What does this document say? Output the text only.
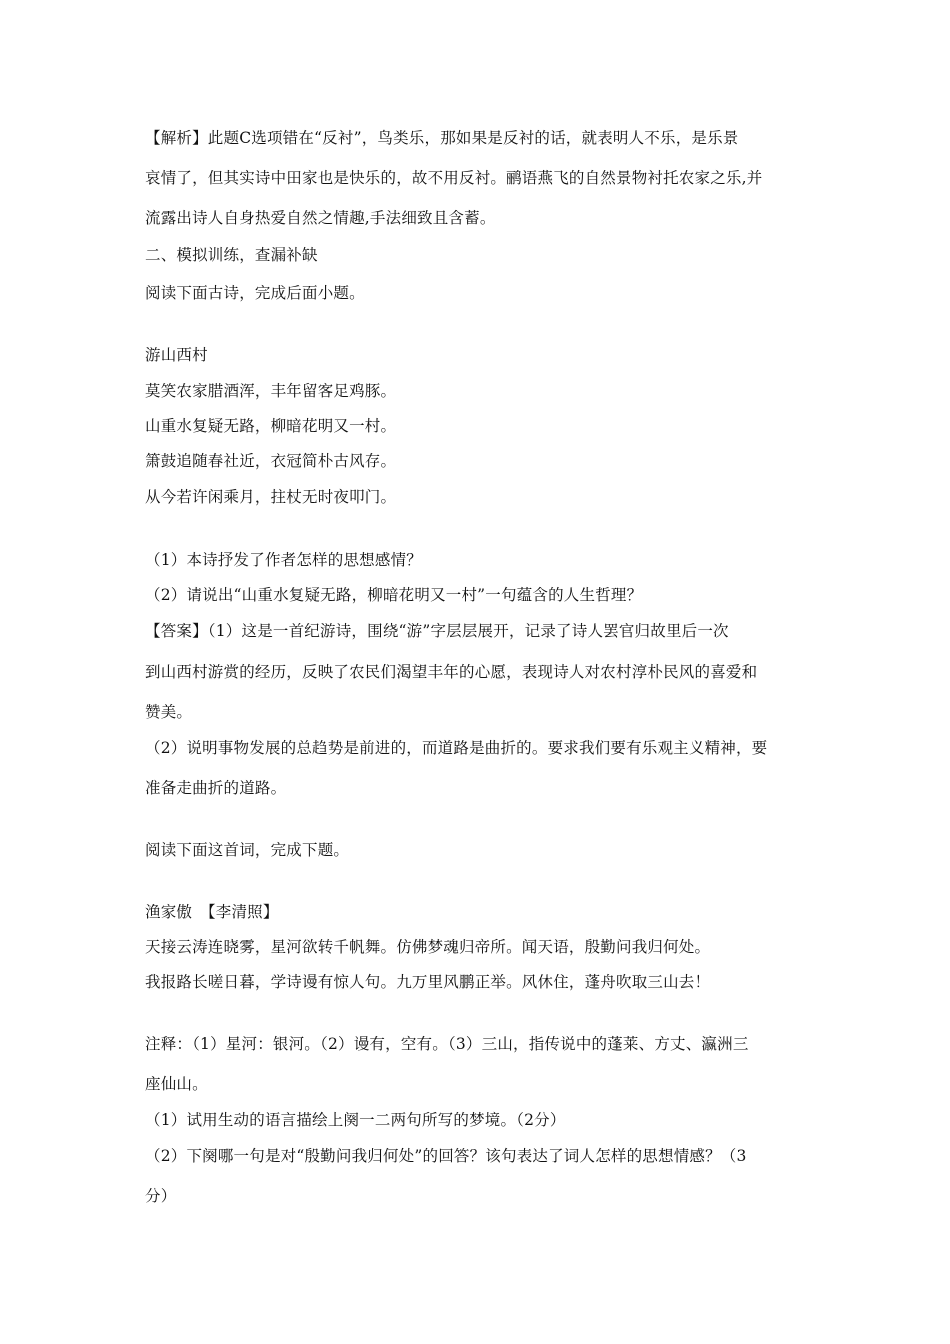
【解析】此题C选项错在“反衬”，鸟类乐，那如果是反衬的话，就表明人不乐，是乐景
哀情了，但其实诗中田家也是快乐的，故不用反衬。鹂语燕飞的自然景物衬托农家之乐,并
流露出诗人自身热爱自然之情趣,手法细致且含蓄。
二、模拟训练，查漏补缺
阅读下面古诗，完成后面小题。
游山西村
莫笑农家腊酒浑，丰年留客足鸡豚。
山重水复疑无路，柳暗花明又一村。
箫鼓追随春社近，衣冠简朴古风存。
从今若许闲乘月，拄杖无时夜叩门。
（1）本诗抒发了作者怎样的思想感情？
（2）请说出“山重水复疑无路，柳暗花明又一村”一句蕴含的人生哲理？
【答案】（1）这是一首纪游诗，围绕“游”字层层展开，记录了诗人罢官归故里后一次
到山西村游赏的经历，反映了农民们渴望丰年的心愿，表现诗人对农村淳朴民风的喜爱和
赞美。
（2）说明事物发展的总趋势是前进的，而道路是曲折的。要求我们要有乐观主义精神，要
准备走曲折的道路。
阅读下面这首词，完成下题。
渔家傲　【李清照】
天接云涛连晓雾，星河欲转千帆舞。仿佛梦魂归帝所。闻天语，殷勤问我归何处。
我报路长嗟日暮，学诗谩有惊人句。九万里风鹏正举。风休住，蓬舟吹取三山去！
注释：（1）星河：银河。（2）谩有，空有。（3）三山，指传说中的蓬莱、方丈、瀛洲三
座仙山。
（1）试用生动的语言描绘上阕一二两句所写的梦境。（2分）
（2）下阕哪一句是对“殷勤问我归何处”的回答？该句表达了词人怎样的思想情感？（3
分）
